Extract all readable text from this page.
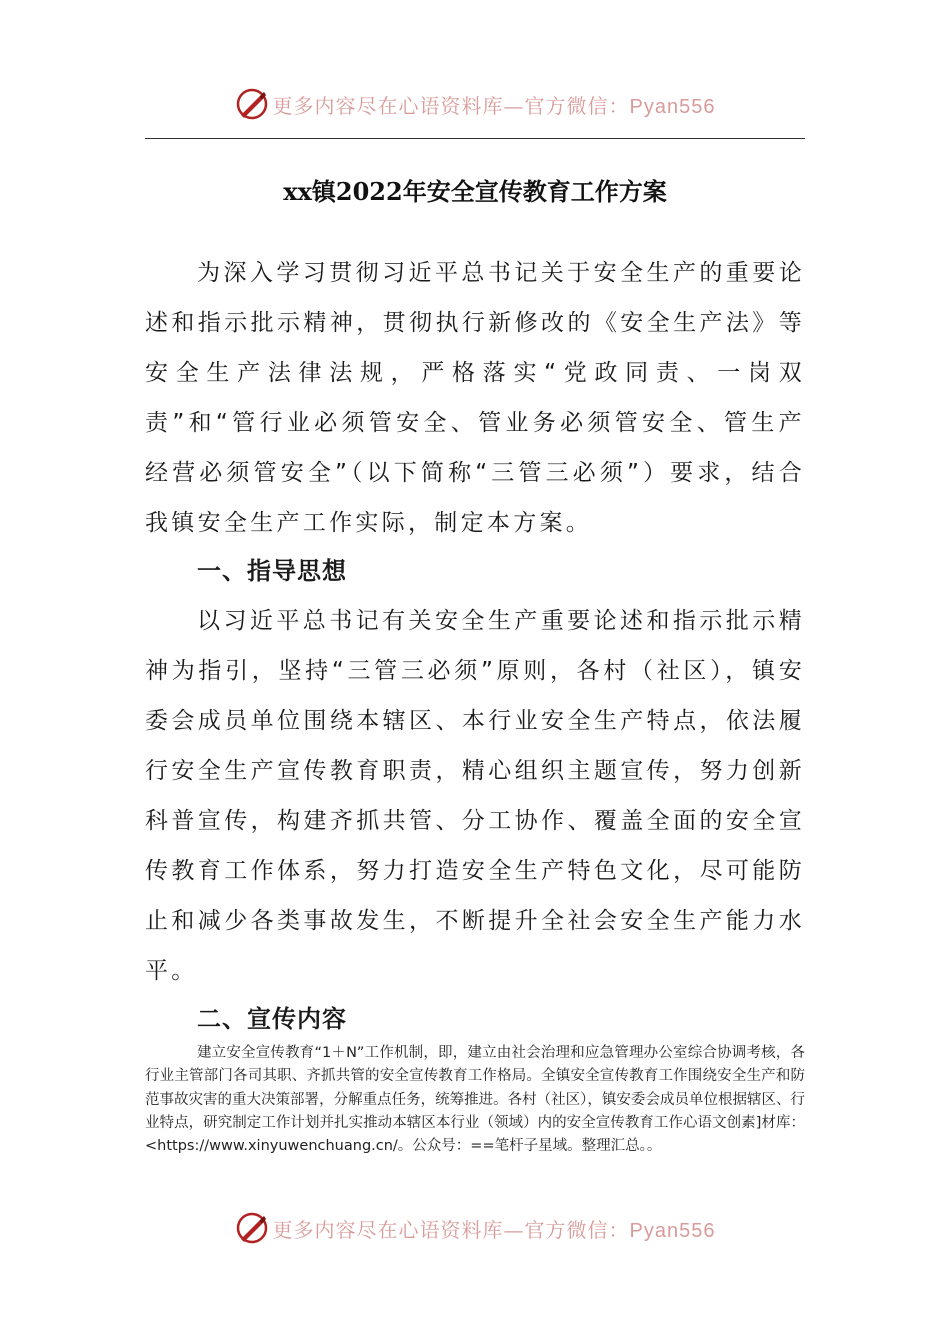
更多内容尽在心语资料库—官方微信：Pyan556
xx镇2022年安全宣传教育工作方案

为深入学习贯彻习近平总书记关于安全生产的重要论述和指示批示精神，贯彻执行新修改的《安全生产法》等安全生产法律法规，严格落实“党政同责、一岗双责”和“管行业必须管安全、管业务必须管安全、管生产经营必须管安全”（以下简称“三管三必须”）要求，结合我镇安全生产工作实际，制定本方案。

一、指导思想

以习近平总书记有关安全生产重要论述和指示批示精神为指引，坚持“三管三必须”原则，各村（社区），镇安委会成员单位围绕本辖区、本行业安全生产特点，依法履行安全生产宣传教育职责，精心组织主题宣传，努力创新科普宣传，构建齐抓共管、分工协作、覆盖全面的安全宣传教育工作体系，努力打造安全生产特色文化，尽可能防止和减少各类事故发生，不断提升全社会安全生产能力水平。

二、宣传内容

建立安全宣传教育“1＋N”工作机制，即，建立由社会治理和应急管理办公室综合协调考核，各行业主管部门各司其职、齐抓共管的安全宣传教育工作格局。全镇安全宣传教育工作围绕安全生产和防范事故灾害的重大决策部署，分解重点任务，统筹推进。各村（社区），镇安委会成员单位根据辖区、行业特点，研究制定工作计划并扎实推动本辖区本行业（领域）内的安全宣传教育工作心语文创素]材库：<https://www.xinyuwenchuang.cn/。公众号：==笔杆子星域。整理汇总。。

更多内容尽在心语资料库—官方微信：Pyan556
